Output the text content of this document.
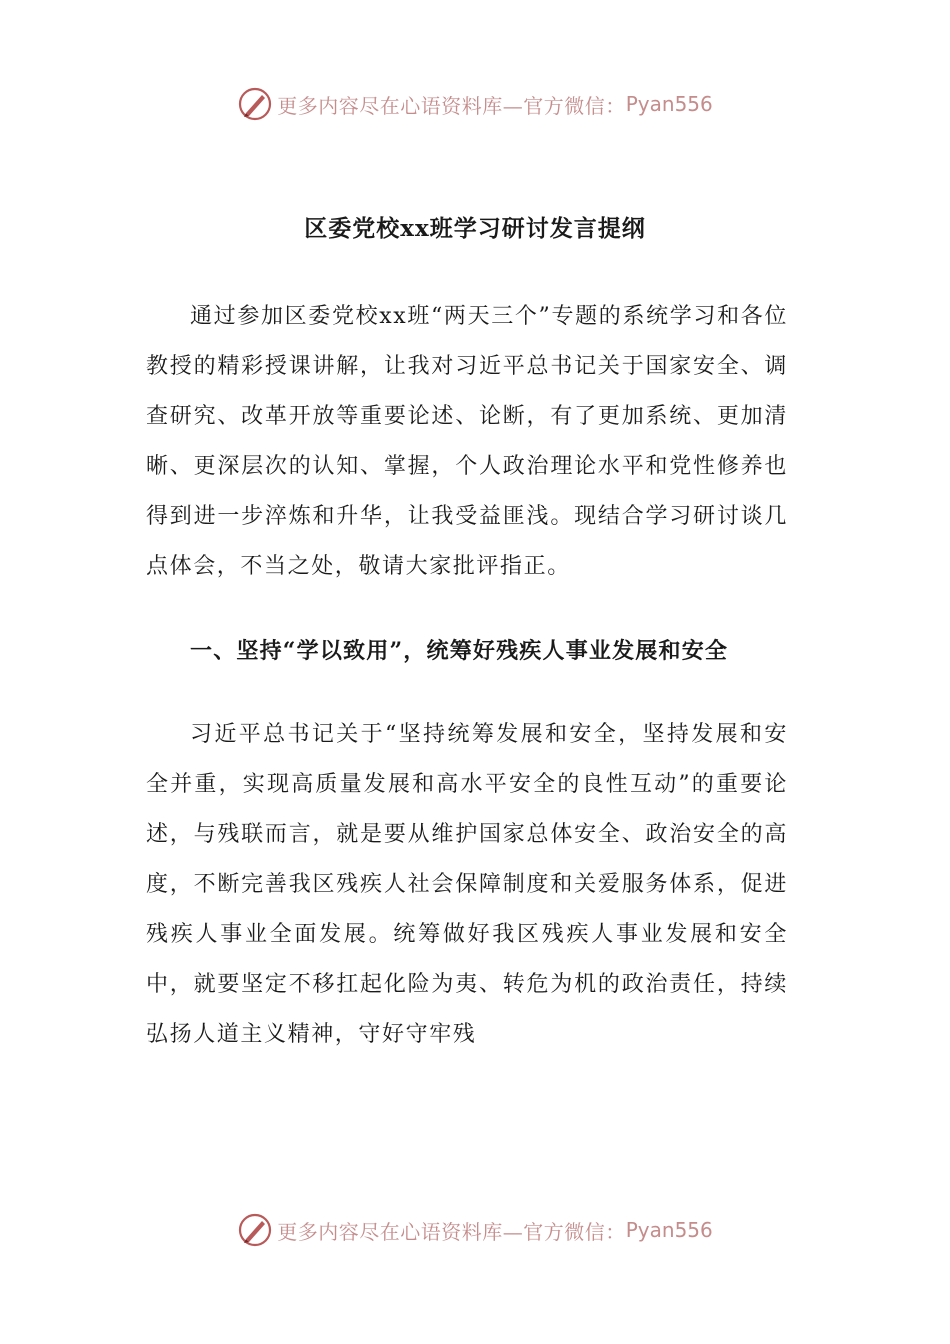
更多内容尽在心语资料库—官方微信： Pyan556
区委党校xx班学习研讨发言提纲

通过参加区委党校xx班“两天三个”专题的系统学习和各位教授的精彩授课讲解，让我对习近平总书记关于国家安全、调查研究、改革开放等重要论述、论断，有了更加系统、更加清晰、更深层次的认知、掌握，个人政治理论水平和党性修养也得到进一步淬炼和升华，让我受益匪浅。现结合学习研讨谈几点体会，不当之处，敬请大家批评指正。

一、坚持“学以致用”，统筹好残疾人事业发展和安全

习近平总书记关于“坚持统筹发展和安全，坚持发展和安全并重，实现高质量发展和高水平安全的良性互动”的重要论述，与残联而言，就是要从维护国家总体安全、政治安全的高度，不断完善我区残疾人社会保障制度和关爱服务体系，促进残疾人事业全面发展。统筹做好我区残疾人事业发展和安全中，就要坚定不移扛起化险为夷、转危为机的政治责任，持续弘扬人道主义精神，守好守牢残

更多内容尽在心语资料库—官方微信： Pyan556
